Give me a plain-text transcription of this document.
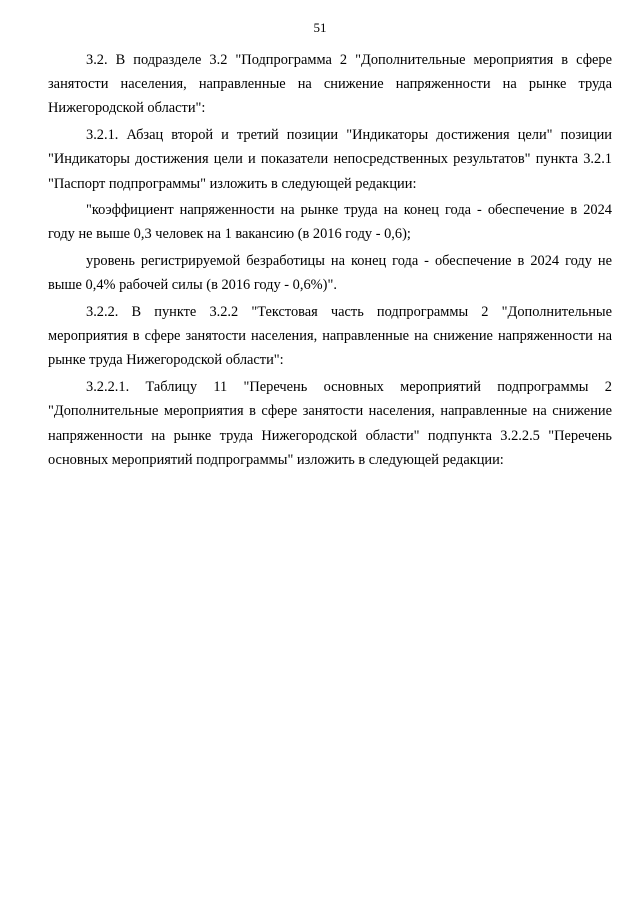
51

3.2. В подразделе 3.2 "Подпрограмма 2 "Дополнительные мероприятия в сфере занятости населения, направленные на снижение напряженности на рынке труда Нижегородской области":

3.2.1. Абзац второй и третий позиции "Индикаторы достижения цели" позиции "Индикаторы достижения цели и показатели непосредственных результатов" пункта 3.2.1 "Паспорт подпрограммы" изложить в следующей редакции:

"коэффициент напряженности на рынке труда на конец года - обеспечение в 2024 году не выше 0,3 человек на 1 вакансию (в 2016 году - 0,6);

уровень регистрируемой безработицы на конец года - обеспечение в 2024 году не выше 0,4% рабочей силы (в 2016 году - 0,6%)".

3.2.2. В пункте 3.2.2 "Текстовая часть подпрограммы 2 "Дополнительные мероприятия в сфере занятости населения, направленные на снижение напряженности на рынке труда Нижегородской области":

3.2.2.1. Таблицу 11 "Перечень основных мероприятий подпрограммы 2 "Дополнительные мероприятия в сфере занятости населения, направленные на снижение напряженности на рынке труда Нижегородской области" подпункта 3.2.2.5 "Перечень основных мероприятий подпрограммы" изложить в следующей редакции:
